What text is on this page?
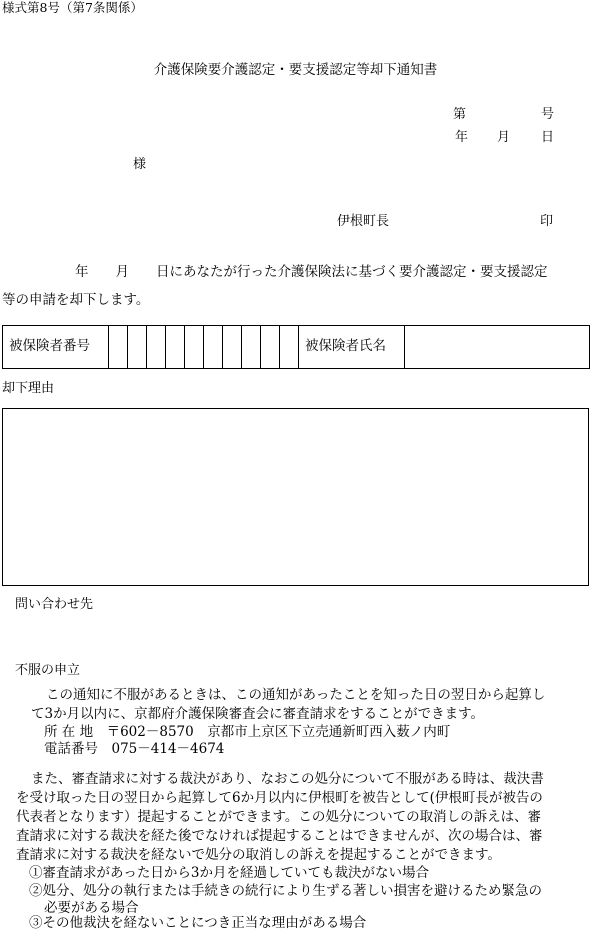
様式第8号（第7条関係）
介護保険要介護認定・要支援認定等却下通知書
第	号
年 月 日
様
伊根町長	印
年　　月　　日にあなたが行った介護保険法に基づく要介護認定・要支援認定
等の申請を却下します。
被保険者番号											被保険者氏名	
却下理由
問い合わせ先
不服の申立
この通知に不服があるときは、この通知があったことを知った日の翌日から起算し
て3か月以内に、京都府介護保険審査会に審査請求をすることができます。
所 在 地　〒602－8570　京都市上京区下立売通新町西入薮ノ内町
電話番号　075－414－4674
また、審査請求に対する裁決があり、なおこの処分について不服がある時は、裁決書
を受け取った日の翌日から起算して6か月以内に伊根町を被告として(伊根町長が被告の
代表者となります）提起することができます。この処分についての取消しの訴えは、審
査請求に対する裁決を経た後でなければ提起することはできませんが、次の場合は、審
査請求に対する裁決を経ないで処分の取消しの訴えを提起することができます。
①審査請求があった日から3か月を経過していても裁決がない場合
②処分、処分の執行または手続きの続行により生ずる著しい損害を避けるため緊急の
必要がある場合
③その他裁決を経ないことにつき正当な理由がある場合
